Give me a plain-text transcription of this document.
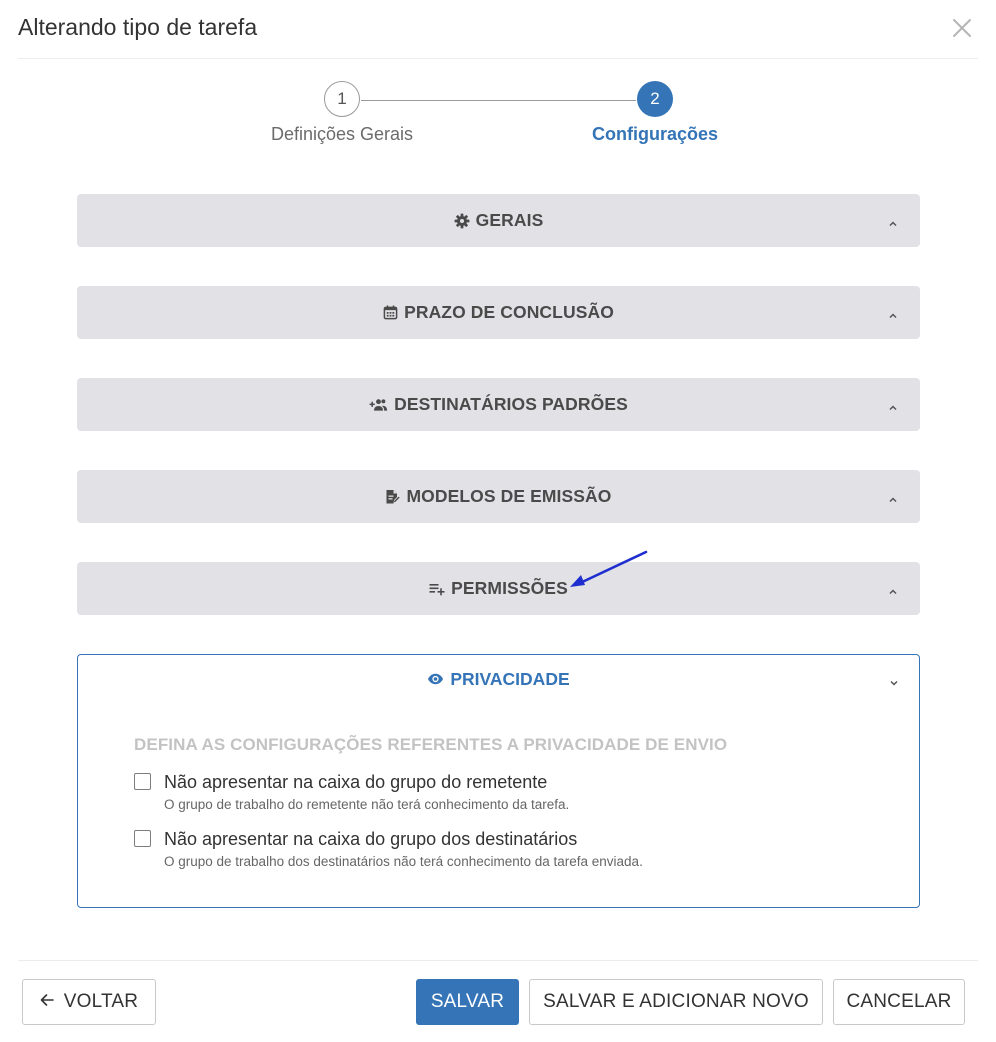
Alterando tipo de tarefa
1	2
Definições Gerais	Configurações
GERAIS
PRAZO DE CONCLUSÃO
DESTINATÁRIOS PADRÕES
MODELOS DE EMISSÃO
PERMISSÕES
PRIVACIDADE
DEFINA AS CONFIGURAÇÕES REFERENTES A PRIVACIDADE DE ENVIO
Não apresentar na caixa do grupo do remetente
O grupo de trabalho do remetente não terá conhecimento da tarefa.
Não apresentar na caixa do grupo dos destinatários
O grupo de trabalho dos destinatários não terá conhecimento da tarefa enviada.
VOLTAR	SALVAR	SALVAR E ADICIONAR NOVO	CANCELAR
